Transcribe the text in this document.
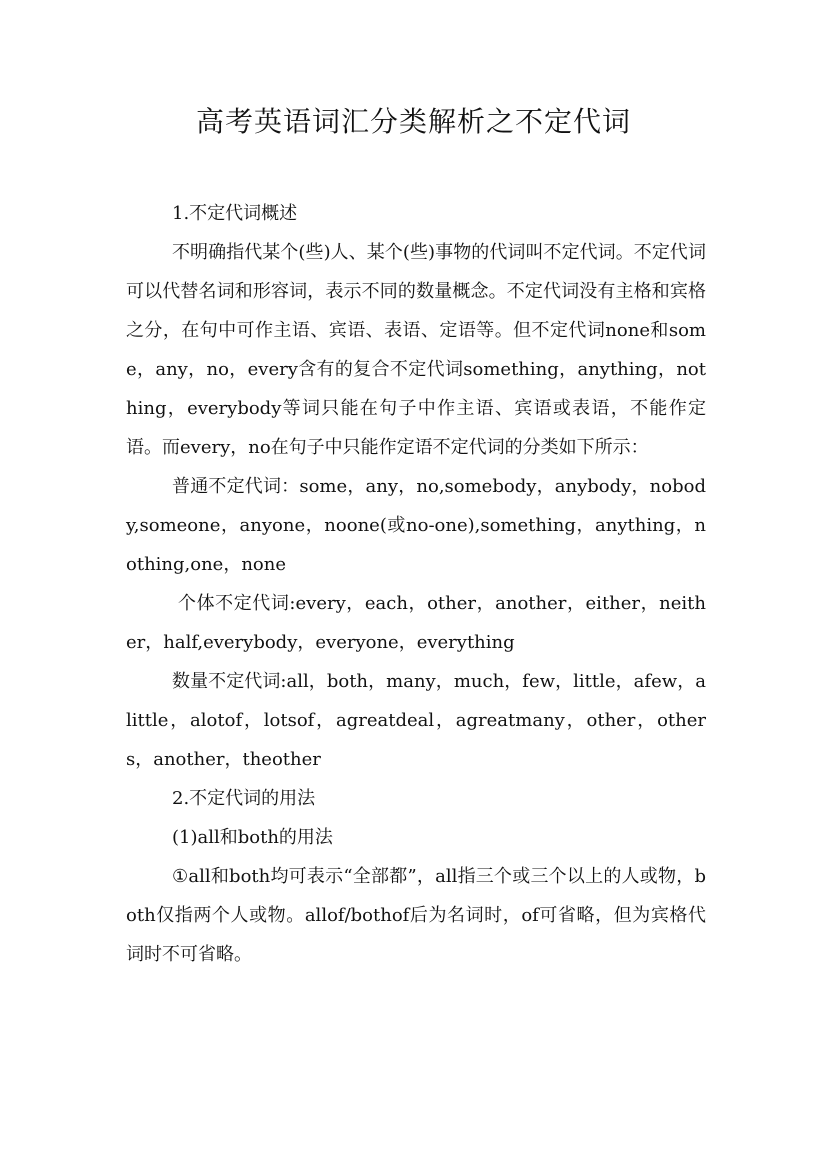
高考英语词汇分类解析之不定代词

1.不定代词概述

不明确指代某个(些)人、某个(些)事物的代词叫不定代词。不定代词可以代替名词和形容词，表示不同的数量概念。不定代词没有主格和宾格之分，在句中可作主语、宾语、表语、定语等。但不定代词none和some，any，no，every含有的复合不定代词something，anything，nothing，everybody等词只能在句子中作主语、宾语或表语，不能作定语。而every，no在句子中只能作定语不定代词的分类如下所示：

普通不定代词：some，any，no,somebody，anybody，nobody,someone，anyone，noone(或no-one),something，anything，nothing,one，none

个体不定代词:every，each，other，another，either，neither，half,everybody，everyone，everything

数量不定代词:all，both，many，much，few，little，afew，alittle，alotof，lotsof，agreatdeal，agreatmany，other，others，another，theother

2.不定代词的用法

(1)all和both的用法

①all和both均可表示“全部都”，all指三个或三个以上的人或物，both仅指两个人或物。allof/bothof后为名词时，of可省略，但为宾格代词时不可省略。
